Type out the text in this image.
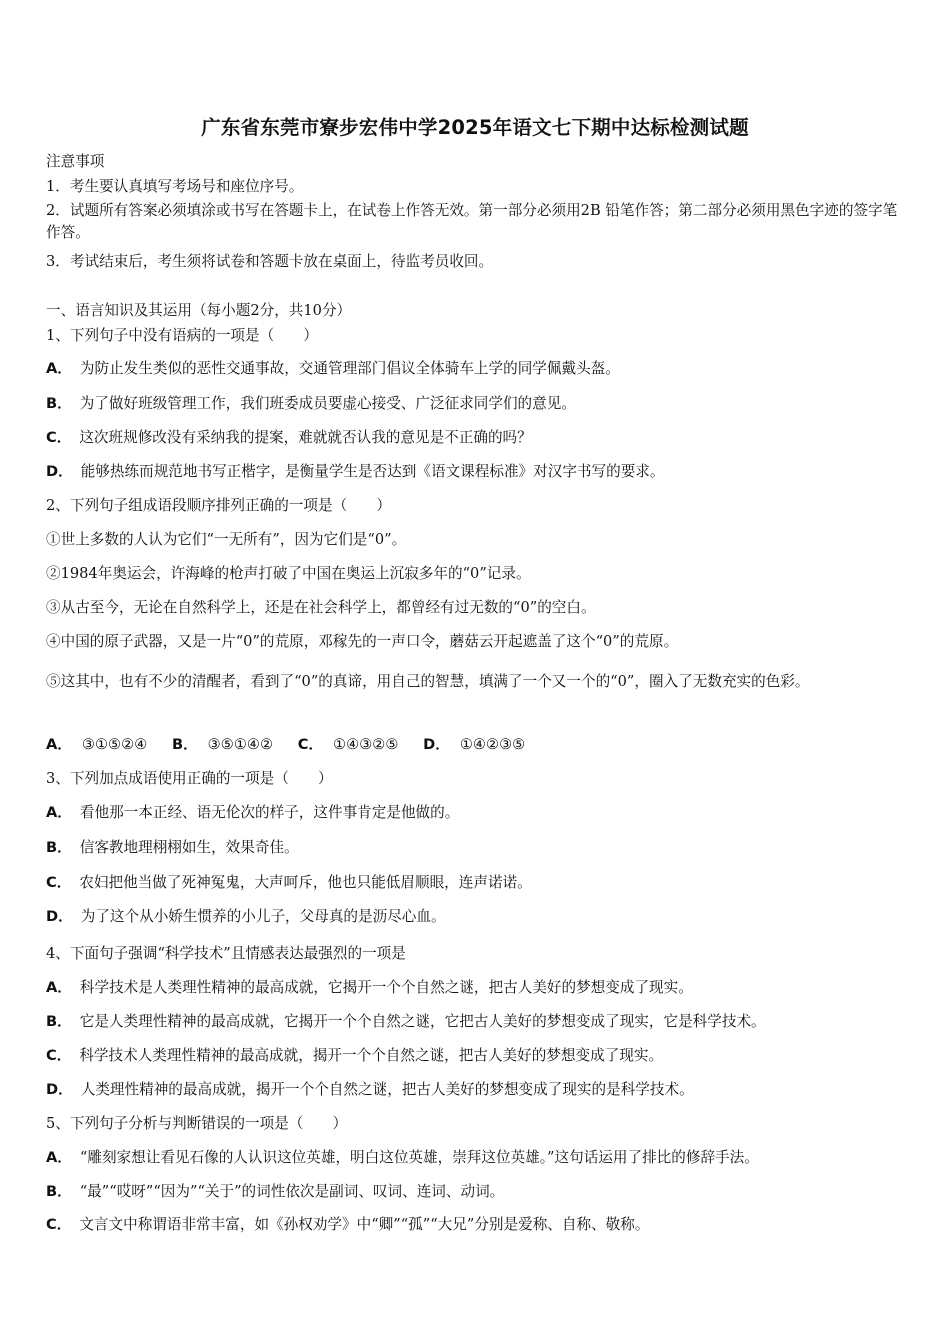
广东省东莞市寮步宏伟中学2025年语文七下期中达标检测试题
注意事项
1．考生要认真填写考场号和座位序号。
2．试题所有答案必须填涂或书写在答题卡上，在试卷上作答无效。第一部分必须用2B 铅笔作答；第二部分必须用黑色字迹的签字笔作答。
3．考试结束后，考生须将试卷和答题卡放在桌面上，待监考员收回。
一、语言知识及其运用（每小题2分，共10分）
1、下列句子中没有语病的一项是（　　）
A． 为防止发生类似的恶性交通事故，交通管理部门倡议全体骑车上学的同学佩戴头盔。
B． 为了做好班级管理工作，我们班委成员要虚心接受、广泛征求同学们的意见。
C． 这次班规修改没有采纳我的提案，难就就否认我的意见是不正确的吗？
D． 能够热练而规范地书写正楷字，是衡量学生是否达到《语文课程标准》对汉字书写的要求。
2、下列句子组成语段顺序排列正确的一项是（　　）
①世上多数的人认为它们“一无所有”，因为它们是“0”。
②1984年奥运会，许海峰的枪声打破了中国在奥运上沉寂多年的“0”记录。
③从古至今，无论在自然科学上，还是在社会科学上，都曾经有过无数的“0”的空白。
④中国的原子武器，又是一片“0”的荒原，邓稼先的一声口令，蘑菇云开起遮盖了这个“0”的荒原。
⑤这其中，也有不少的清醒者，看到了“0”的真谛，用自己的智慧，填满了一个又一个的“0”，圈入了无数充实的色彩。
A． ③①⑤②④ B． ③⑤①④② C． ①④③②⑤ D． ①④②③⑤
3、下列加点成语使用正确的一项是（　　）
A． 看他那一本正经、语无伦次的样子，这件事肯定是他做的。
B． 信客教地理栩栩如生，效果奇佳。
C． 农妇把他当做了死神冤鬼，大声呵斥，他也只能低眉顺眼，连声诺诺。
D． 为了这个从小娇生惯养的小儿子，父母真的是沥尽心血。
4、下面句子强调“科学技术”且情感表达最强烈的一项是
A． 科学技术是人类理性精神的最高成就，它揭开一个个自然之谜，把古人美好的梦想变成了现实。
B． 它是人类理性精神的最高成就，它揭开一个个自然之谜，它把古人美好的梦想变成了现实，它是科学技术。
C． 科学技术人类理性精神的最高成就，揭开一个个自然之谜，把古人美好的梦想变成了现实。
D． 人类理性精神的最高成就，揭开一个个自然之谜，把古人美好的梦想变成了现实的是科学技术。
5、下列句子分析与判断错误的一项是（　　）
A． “雕刻家想让看见石像的人认识这位英雄，明白这位英雄，崇拜这位英雄。”这句话运用了排比的修辞手法。
B． “最”“哎呀”“因为”“关于”的词性依次是副词、叹词、连词、动词。
C． 文言文中称谓语非常丰富，如《孙权劝学》中“卿”“孤”“大兄”分别是爱称、自称、敬称。
